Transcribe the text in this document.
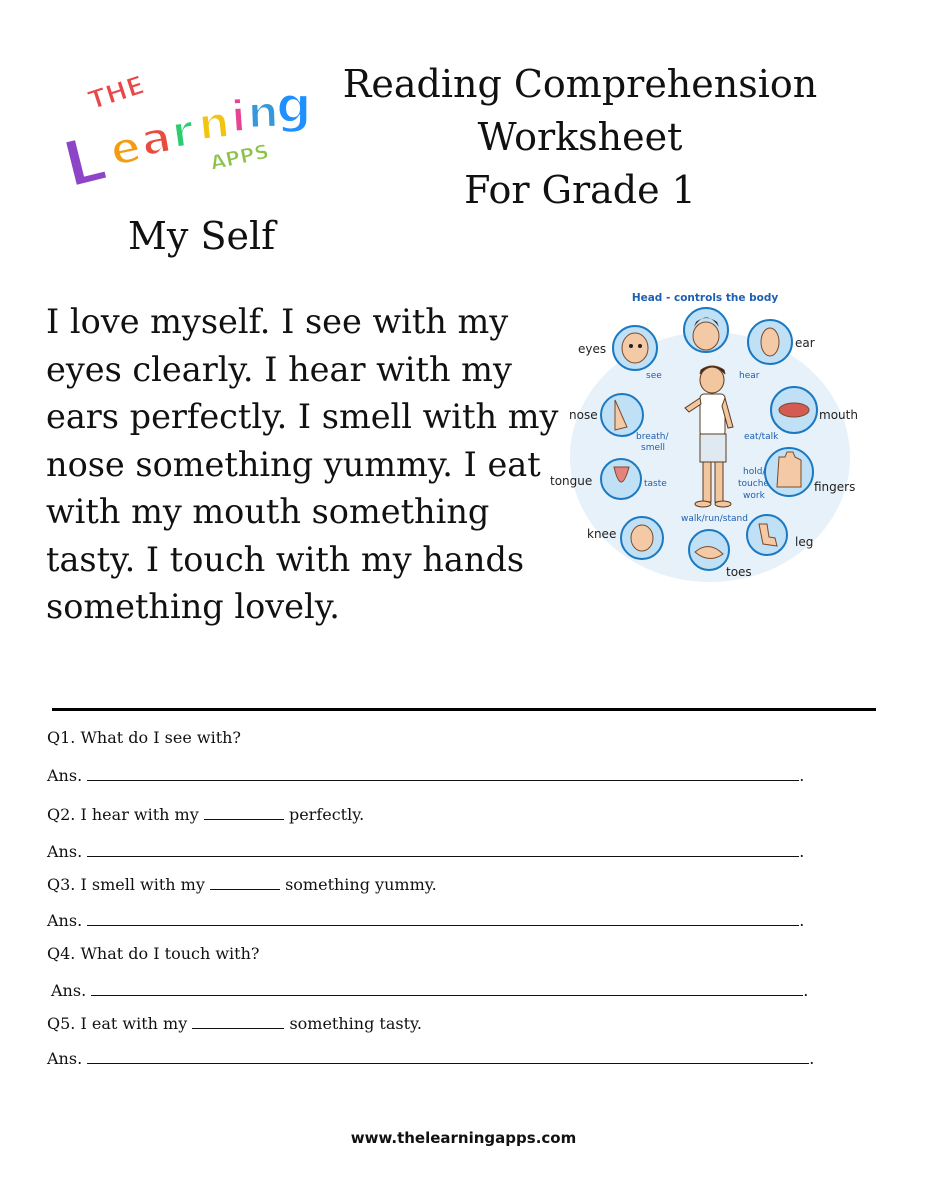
THE
L
e
a
r
n
i
n
g
APPS
Reading Comprehension
Worksheet
For Grade 1
My Self
I love myself. I see with my
eyes clearly. I hear with my
ears perfectly. I smell with my
nose something yummy. I eat
with my mouth something
tasty. I touch with my hands
something lovely.
Head - controls the body
eyes	ear
nose	mouth
tongue	fingers
knee
leg
toes
see	hear
breath/
smell
eat/talk
taste
hold/
touche
work
walk/run/stand
Q1. What do I see with?
Ans.	.
Q2. I hear with my	perfectly.
Ans.	.
Q3. I smell with my	something yummy.
Ans.	.
Q4. What do I touch with?
Ans.	.
Q5. I eat with my	something tasty.
Ans.	.
www.thelearningapps.com
